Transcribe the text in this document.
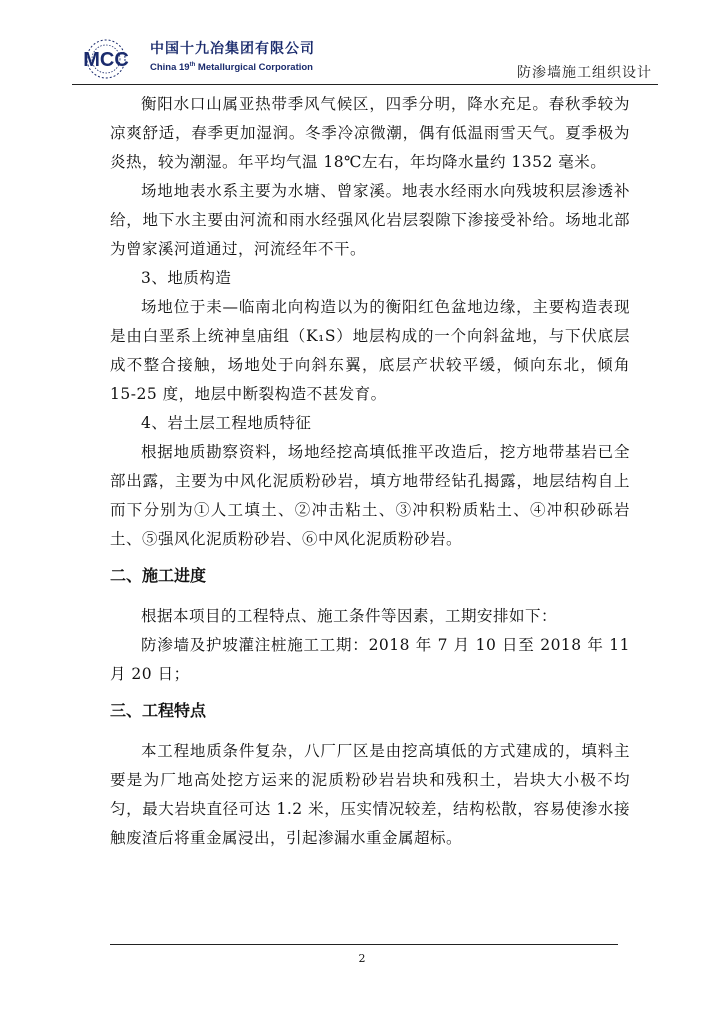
MCC 中国十九冶集团有限公司
China 19th Metallurgical Corporation	防渗墙施工组织设计

衡阳水口山属亚热带季风气候区，四季分明，降水充足。春秋季较为凉爽舒适，春季更加湿润。冬季冷凉微潮，偶有低温雨雪天气。夏季极为炎热，较为潮湿。年平均气温 18℃左右，年均降水量约 1352 毫米。

场地地表水系主要为水塘、曾家溪。地表水经雨水向残坡积层渗透补给，地下水主要由河流和雨水经强风化岩层裂隙下渗接受补给。场地北部为曾家溪河道通过，河流经年不干。

3、地质构造

场地位于耒—临南北向构造以为的衡阳红色盆地边缘，主要构造表现是由白垩系上统神皇庙组（K₁S）地层构成的一个向斜盆地，与下伏底层成不整合接触，场地处于向斜东翼，底层产状较平缓，倾向东北，倾角 15-25 度，地层中断裂构造不甚发育。

4、岩土层工程地质特征

根据地质勘察资料，场地经挖高填低推平改造后，挖方地带基岩已全部出露，主要为中风化泥质粉砂岩，填方地带经钻孔揭露，地层结构自上而下分别为①人工填土、②冲击粘土、③冲积粉质粘土、④冲积砂砾岩土、⑤强风化泥质粉砂岩、⑥中风化泥质粉砂岩。

二、施工进度

根据本项目的工程特点、施工条件等因素，工期安排如下：

防渗墙及护坡灌注桩施工工期：2018 年 7 月 10 日至 2018 年 11 月 20 日；

三、工程特点

本工程地质条件复杂，八厂厂区是由挖高填低的方式建成的，填料主要是为厂地高处挖方运来的泥质粉砂岩岩块和残积土，岩块大小极不均匀，最大岩块直径可达 1.2 米，压实情况较差，结构松散，容易使渗水接触废渣后将重金属浸出，引起渗漏水重金属超标。

2
